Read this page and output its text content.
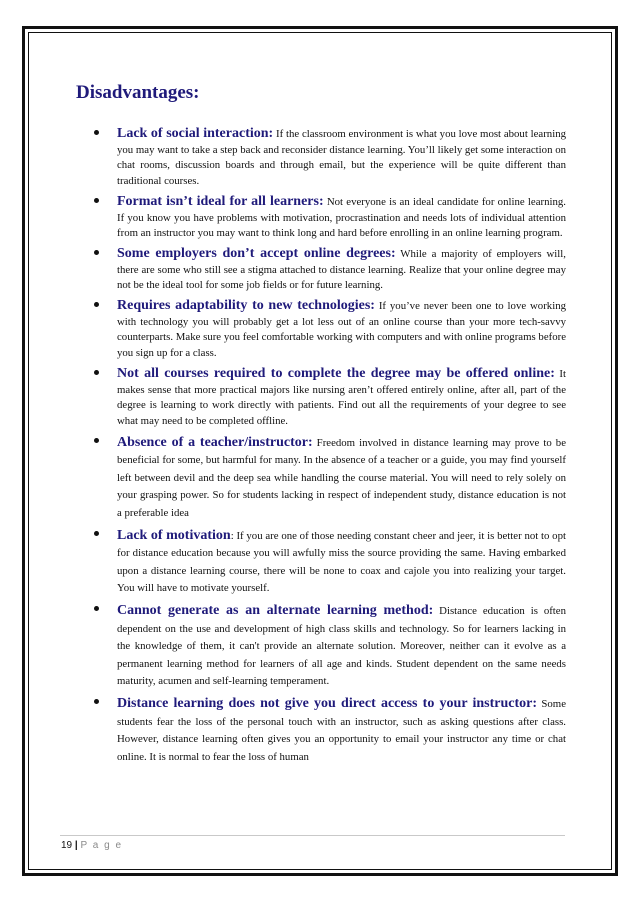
Disadvantages:
Lack of social interaction: If the classroom environment is what you love most about learning you may want to take a step back and reconsider distance learning. You’ll likely get some interaction on chat rooms, discussion boards and through email, but the experience will be quite different than traditional courses.
Format isn’t ideal for all learners: Not everyone is an ideal candidate for online learning. If you know you have problems with motivation, procrastination and needs lots of individual attention from an instructor you may want to think long and hard before enrolling in an online learning program.
Some employers don’t accept online degrees: While a majority of employers will, there are some who still see a stigma attached to distance learning. Realize that your online degree may not be the ideal tool for some job fields or for future learning.
Requires adaptability to new technologies: If you’ve never been one to love working with technology you will probably get a lot less out of an online course than your more tech-savvy counterparts. Make sure you feel comfortable working with computers and with online programs before you sign up for a class.
Not all courses required to complete the degree may be offered online: It makes sense that more practical majors like nursing aren’t offered entirely online, after all, part of the degree is learning to work directly with patients. Find out all the requirements of your degree to see what may need to be completed offline.
Absence of a teacher/instructor: Freedom involved in distance learning may prove to be beneficial for some, but harmful for many. In the absence of a teacher or a guide, you may find yourself left between devil and the deep sea while handling the course material. You will need to rely solely on your grasping power. So for students lacking in respect of independent study, distance education is not a preferable idea
Lack of motivation: If you are one of those needing constant cheer and jeer, it is better not to opt for distance education because you will awfully miss the source providing the same. Having embarked upon a distance learning course, there will be none to coax and cajole you into realizing your target. You will have to motivate yourself.
Cannot generate as an alternate learning method: Distance education is often dependent on the use and development of high class skills and technology. So for learners lacking in the knowledge of them, it can't provide an alternate solution. Moreover, neither can it evolve as a permanent learning method for learners of all age and kinds. Student dependent on the same needs maturity, acumen and self-learning temperament.
Distance learning does not give you direct access to your instructor: Some students fear the loss of the personal touch with an instructor, such as asking questions after class. However, distance learning often gives you an opportunity to email your instructor any time or chat online. It is normal to fear the loss of human
19 | P a g e
